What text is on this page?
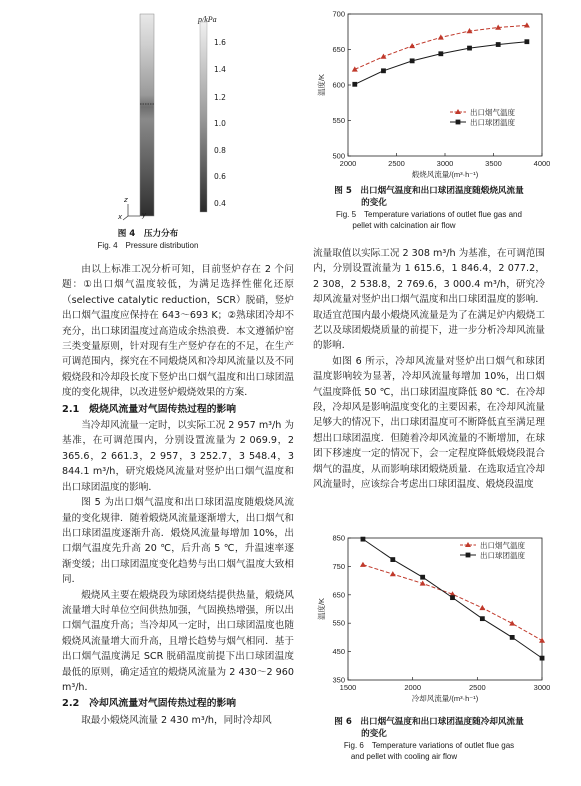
p/kPa
1.6
1.4
1.2
1.0
0.8
0.6
0.4
z
y
x
图 4　压力分布
Fig. 4　Pressure distribution
2000	2500	3000	3500	4000
500
550
600
650
700
煅烧风流量/(m³·h⁻¹)
温度/K
出口烟气温度
出口球团温度
图 5　出口烟气温度和出口球团温度随煅烧风流量
的变化
Fig. 5　Temperature variations of outlet flue gas and
pellet with calcination air flow
1500	2000	2500	3000
350
450
550
650
750
850
冷却风流量/(m³·h⁻¹)
温度/K
出口烟气温度
出口球团温度
图 6　出口烟气温度和出口球团温度随冷却风流量
的变化
Fig. 6　Temperature variations of outlet flue gas
and pellet with cooling air flow

由以上标准工况分析可知，目前竖炉存在 2 个问题：①出口烟气温度较低，为满足选择性催化还原（selective catalytic reduction，SCR）脱硝，竖炉出口烟气温度应保持在 643～693 K；②熟球团冷却不充分，出口球团温度过高造成余热浪费．本文遵循炉窑三类变量原则，针对现有生产竖炉存在的不足，在生产可调范围内，探究在不同煅烧风和冷却风流量以及不同煅烧段和冷却段长度下竖炉出口烟气温度和出口球团温度的变化规律，以改进竖炉煅烧效果的方案．

2.1　煅烧风流量对气固传热过程的影响

当冷却风流量一定时，以实际工况 2 957 m³/h 为基准，在可调范围内，分别设置流量为 2 069.9，2 365.6，2 661.3，2 957，3 252.7，3 548.4，3 844.1 m³/h，研究煅烧风流量对竖炉出口烟气温度和出口球团温度的影响．

图 5 为出口烟气温度和出口球团温度随煅烧风流量的变化规律．随着煅烧风流量逐渐增大，出口烟气和出口球团温度逐渐升高．煅烧风流量每增加 10%，出口烟气温度先升高 20 ℃，后升高 5 ℃，升温速率逐渐变缓；出口球团温度变化趋势与出口烟气温度大致相同．

煅烧风主要在煅烧段为球团烧结提供热量，煅烧风流量增大时单位空间供热加强，气固换热增强，所以出口烟气温度升高；当冷却风一定时，出口球团温度也随煅烧风流量增大而升高，且增长趋势与烟气相同．基于出口烟气温度满足 SCR 脱硝温度前提下出口球团温度最低的原则，确定适宜的煅烧风流量为 2 430～2 960 m³/h．

2.2　冷却风流量对气固传热过程的影响

取最小煅烧风流量 2 430 m³/h，同时冷却风

流量取值以实际工况 2 308 m³/h 为基准，在可调范围内，分别设置流量为 1 615.6，1 846.4，2 077.2，2 308，2 538.8，2 769.6，3 000.4 m³/h，研究冷却风流量对竖炉出口烟气温度和出口球团温度的影响．取适宜范围内最小煅烧风流量是为了在满足炉内煅烧工艺以及球团煅烧质量的前提下，进一步分析冷却风流量的影响．

如图 6 所示，冷却风流量对竖炉出口烟气和球团温度影响较为显著，冷却风流量每增加 10%，出口烟气温度降低 50 ℃，出口球团温度降低 80 ℃．在冷却段，冷却风是影响温度变化的主要因素，在冷却风流量足够大的情况下，出口球团温度可不断降低直至满足理想出口球团温度．但随着冷却风流量的不断增加，在球团下移速度一定的情况下，会一定程度降低煅烧段混合烟气的温度，从而影响球团煅烧质量．在选取适宜冷却风流量时，应该综合考虑出口球团温度、煅烧段温度
